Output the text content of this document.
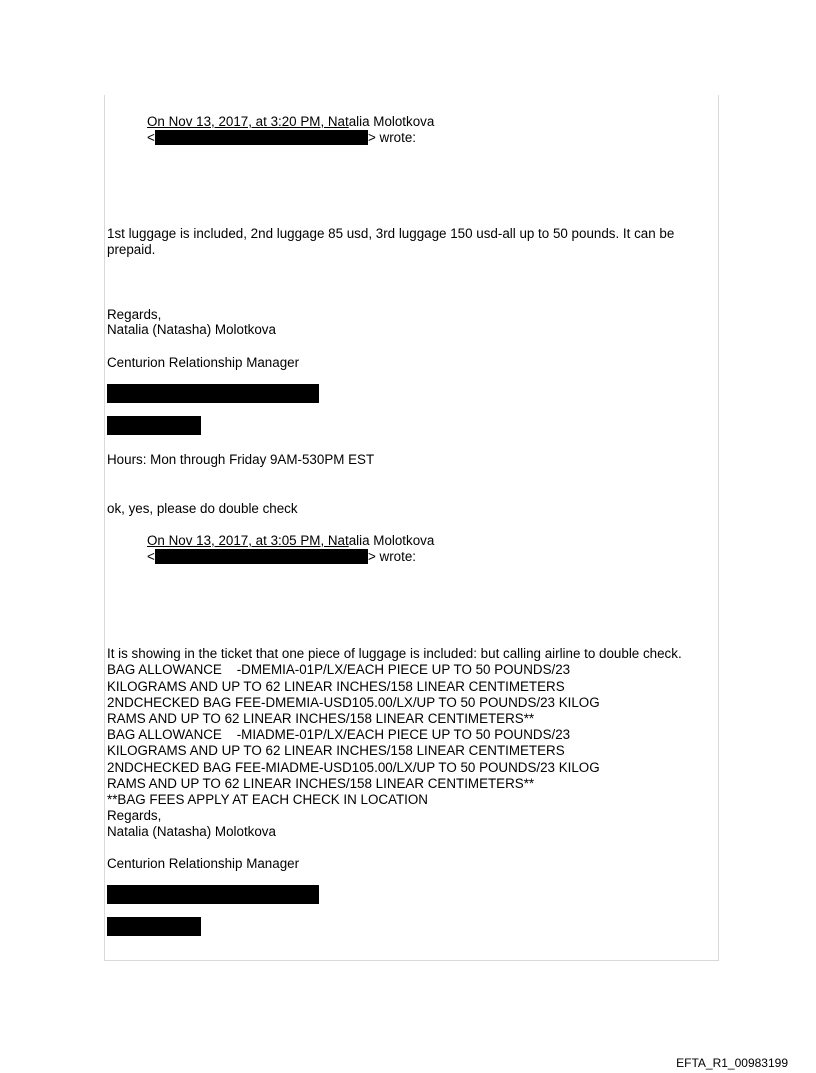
On Nov 13, 2017, at 3:20 PM, Natalia Molotkova

<	> wrote:

1st luggage is included, 2nd luggage 85 usd, 3rd luggage 150 usd-all up to 50 pounds. It can be

prepaid.

Regards,

Natalia (Natasha) Molotkova

Centurion Relationship Manager

Hours: Mon through Friday 9AM-530PM EST

ok, yes, please do double check

On Nov 13, 2017, at 3:05 PM, Natalia Molotkova

<	> wrote:

It is showing in the ticket that one piece of luggage is included: but calling airline to double check.
BAG ALLOWANCE    -DMEMIA-01P/LX/EACH PIECE UP TO 50 POUNDS/23
KILOGRAMS AND UP TO 62 LINEAR INCHES/158 LINEAR CENTIMETERS
2NDCHECKED BAG FEE-DMEMIA-USD105.00/LX/UP TO 50 POUNDS/23 KILOG
RAMS AND UP TO 62 LINEAR INCHES/158 LINEAR CENTIMETERS**
BAG ALLOWANCE    -MIADME-01P/LX/EACH PIECE UP TO 50 POUNDS/23
KILOGRAMS AND UP TO 62 LINEAR INCHES/158 LINEAR CENTIMETERS
2NDCHECKED BAG FEE-MIADME-USD105.00/LX/UP TO 50 POUNDS/23 KILOG
RAMS AND UP TO 62 LINEAR INCHES/158 LINEAR CENTIMETERS**
**BAG FEES APPLY AT EACH CHECK IN LOCATION

Regards,

Natalia (Natasha) Molotkova

Centurion Relationship Manager

EFTA_R1_00983199
